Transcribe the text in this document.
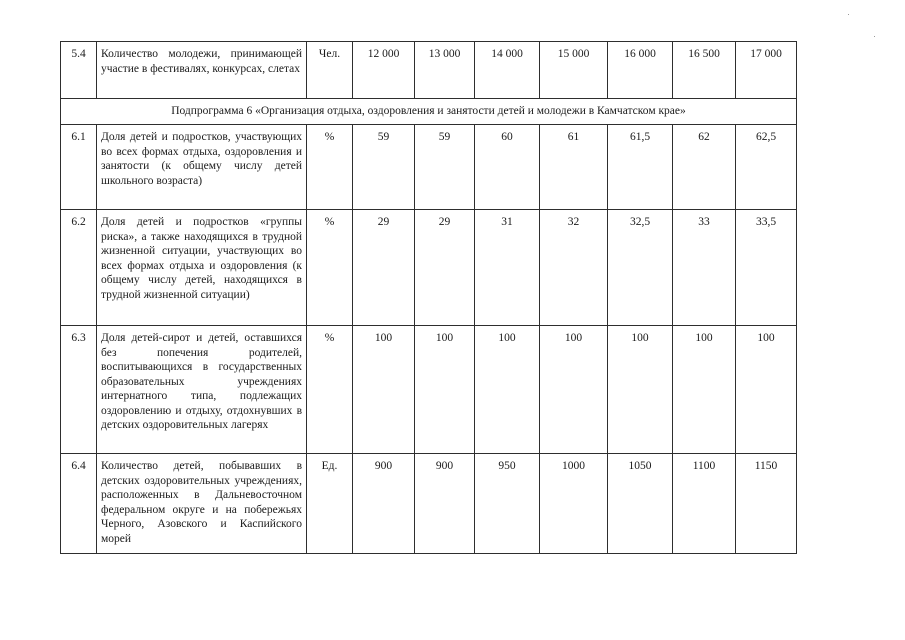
5.4	Количество молодежи, принимающей участие в фестивалях, конкурсах, слетах	Чел.	12 000	13 000	14 000	15 000	16 000	16 500	17 000
Подпрограмма 6 «Организация отдыха, оздоровления и занятости детей и молодежи в Камчатском крае»									
6.1	Доля детей и подростков, участвующих во всех формах отдыха, оздоровления и занятости (к общему числу детей школьного возраста)	%	59	59	60	61	61,5	62	62,5
6.2	Доля детей и подростков «группы риска», а также находящихся в трудной жизненной ситуации, участвующих во всех формах отдыха и оздоровления (к общему числу детей, находящихся в трудной жизненной ситуации)	%	29	29	31	32	32,5	33	33,5
6.3	Доля детей-сирот и детей, оставшихся без попечения родителей, воспитывающихся в государственных образовательных учреждениях интернатного типа, подлежащих оздоровлению и отдыху, отдохнувших в детских оздоровительных лагерях	%	100	100	100	100	100	100	100
6.4	Количество детей, побывавших в детских оздоровительных учреждениях, расположенных в Дальневосточном федеральном округе и на побережьях Черного, Азовского и Каспийского морей	Ед.	900	900	950	1000	1050	1100	1150
